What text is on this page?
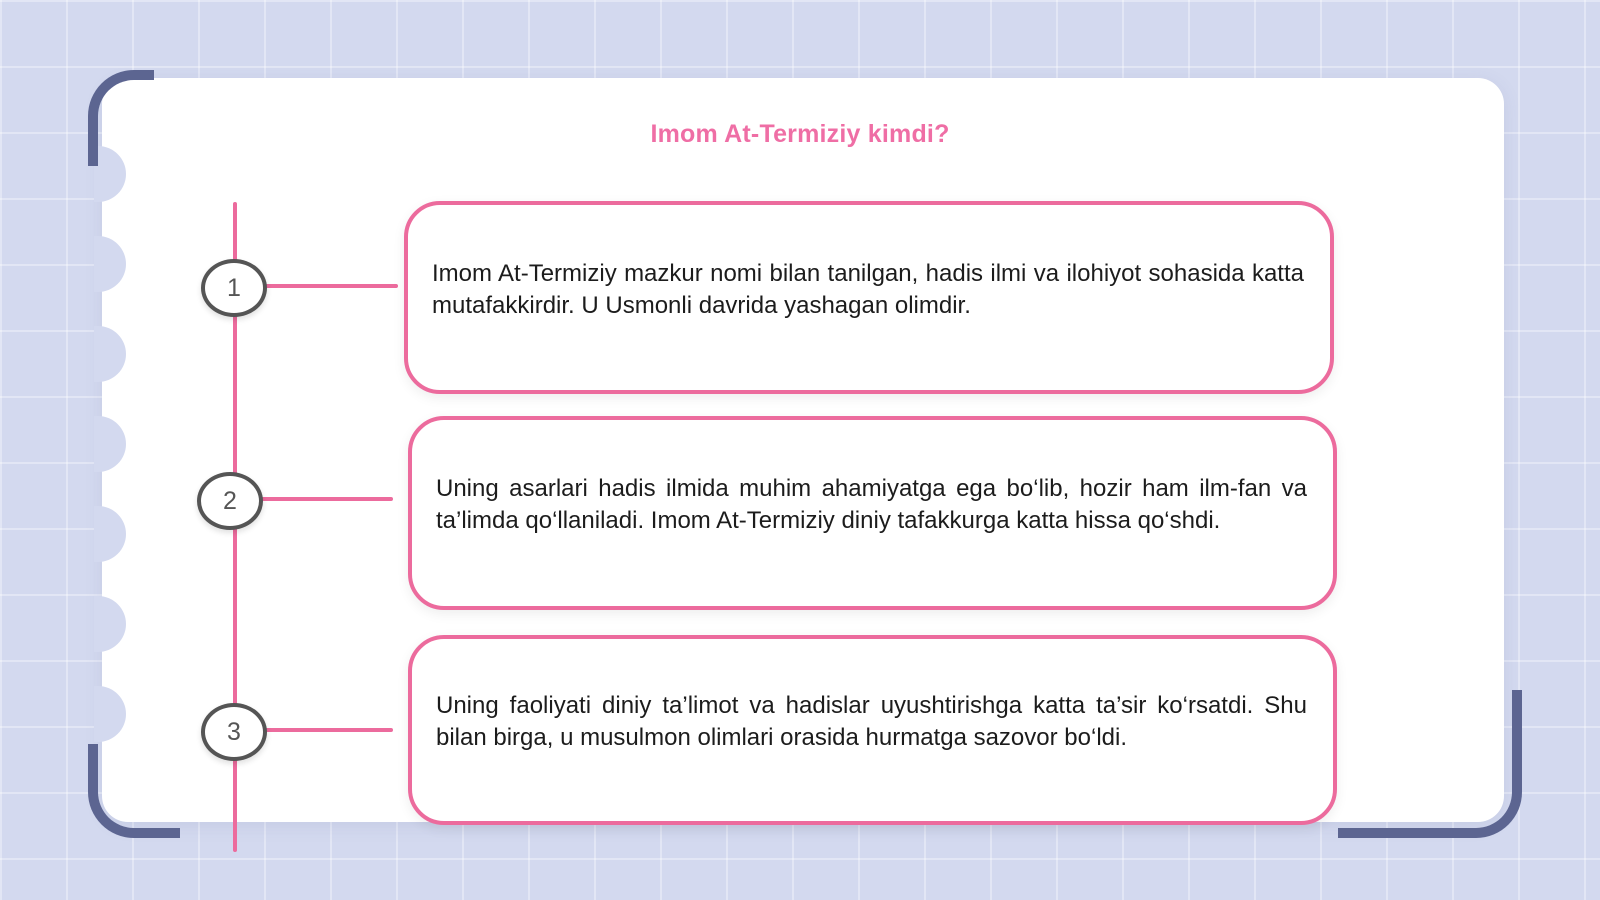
Imom At-Termiziy kimdi?
1
2
3
Imom At-Termiziy mazkur nomi bilan tanilgan, hadis ilmi va ilohiyot sohasida katta mutafakkirdir. U Usmonli davrida yashagan olimdir.
Uning asarlari hadis ilmida muhim ahamiyatga ega bo‘lib, hozir ham ilm-fan va ta’limda qo‘llaniladi. Imom At-Termiziy diniy tafakkurga katta hissa qo‘shdi.
Uning faoliyati diniy ta’limot va hadislar uyushtirishga katta ta’sir ko‘rsatdi. Shu bilan birga, u musulmon olimlari orasida hurmatga sazovor bo‘ldi.
